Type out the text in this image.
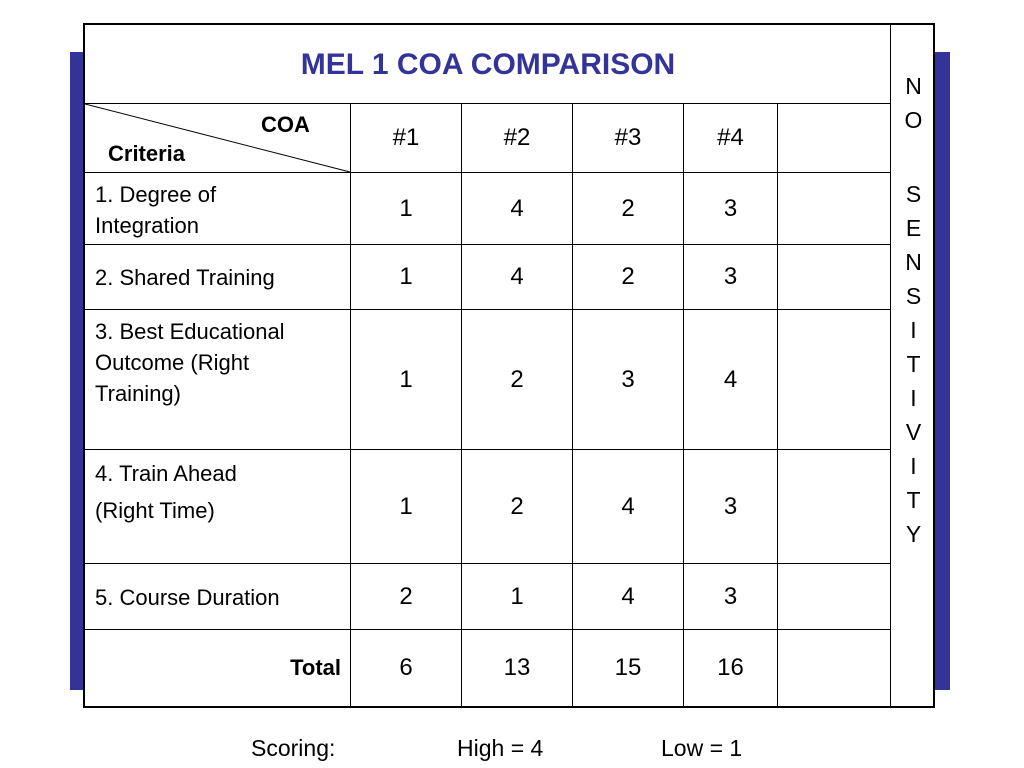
MEL 1 COA COMPARISON
N
O
S
E
N
S
I
T
I
V
I
T
Y
COA
Criteria
#1	#2	#3	#4
1. Degree of
Integration
1	4	2	3
2. Shared Training	1	4	2	3
3. Best Educational
Outcome (Right
Training)
1	2	3	4
4. Train Ahead
(Right Time)	1	2	4	3
5. Course Duration	2	1	4	3
Total	6	13	15	16
Scoring:	High = 4	Low = 1
